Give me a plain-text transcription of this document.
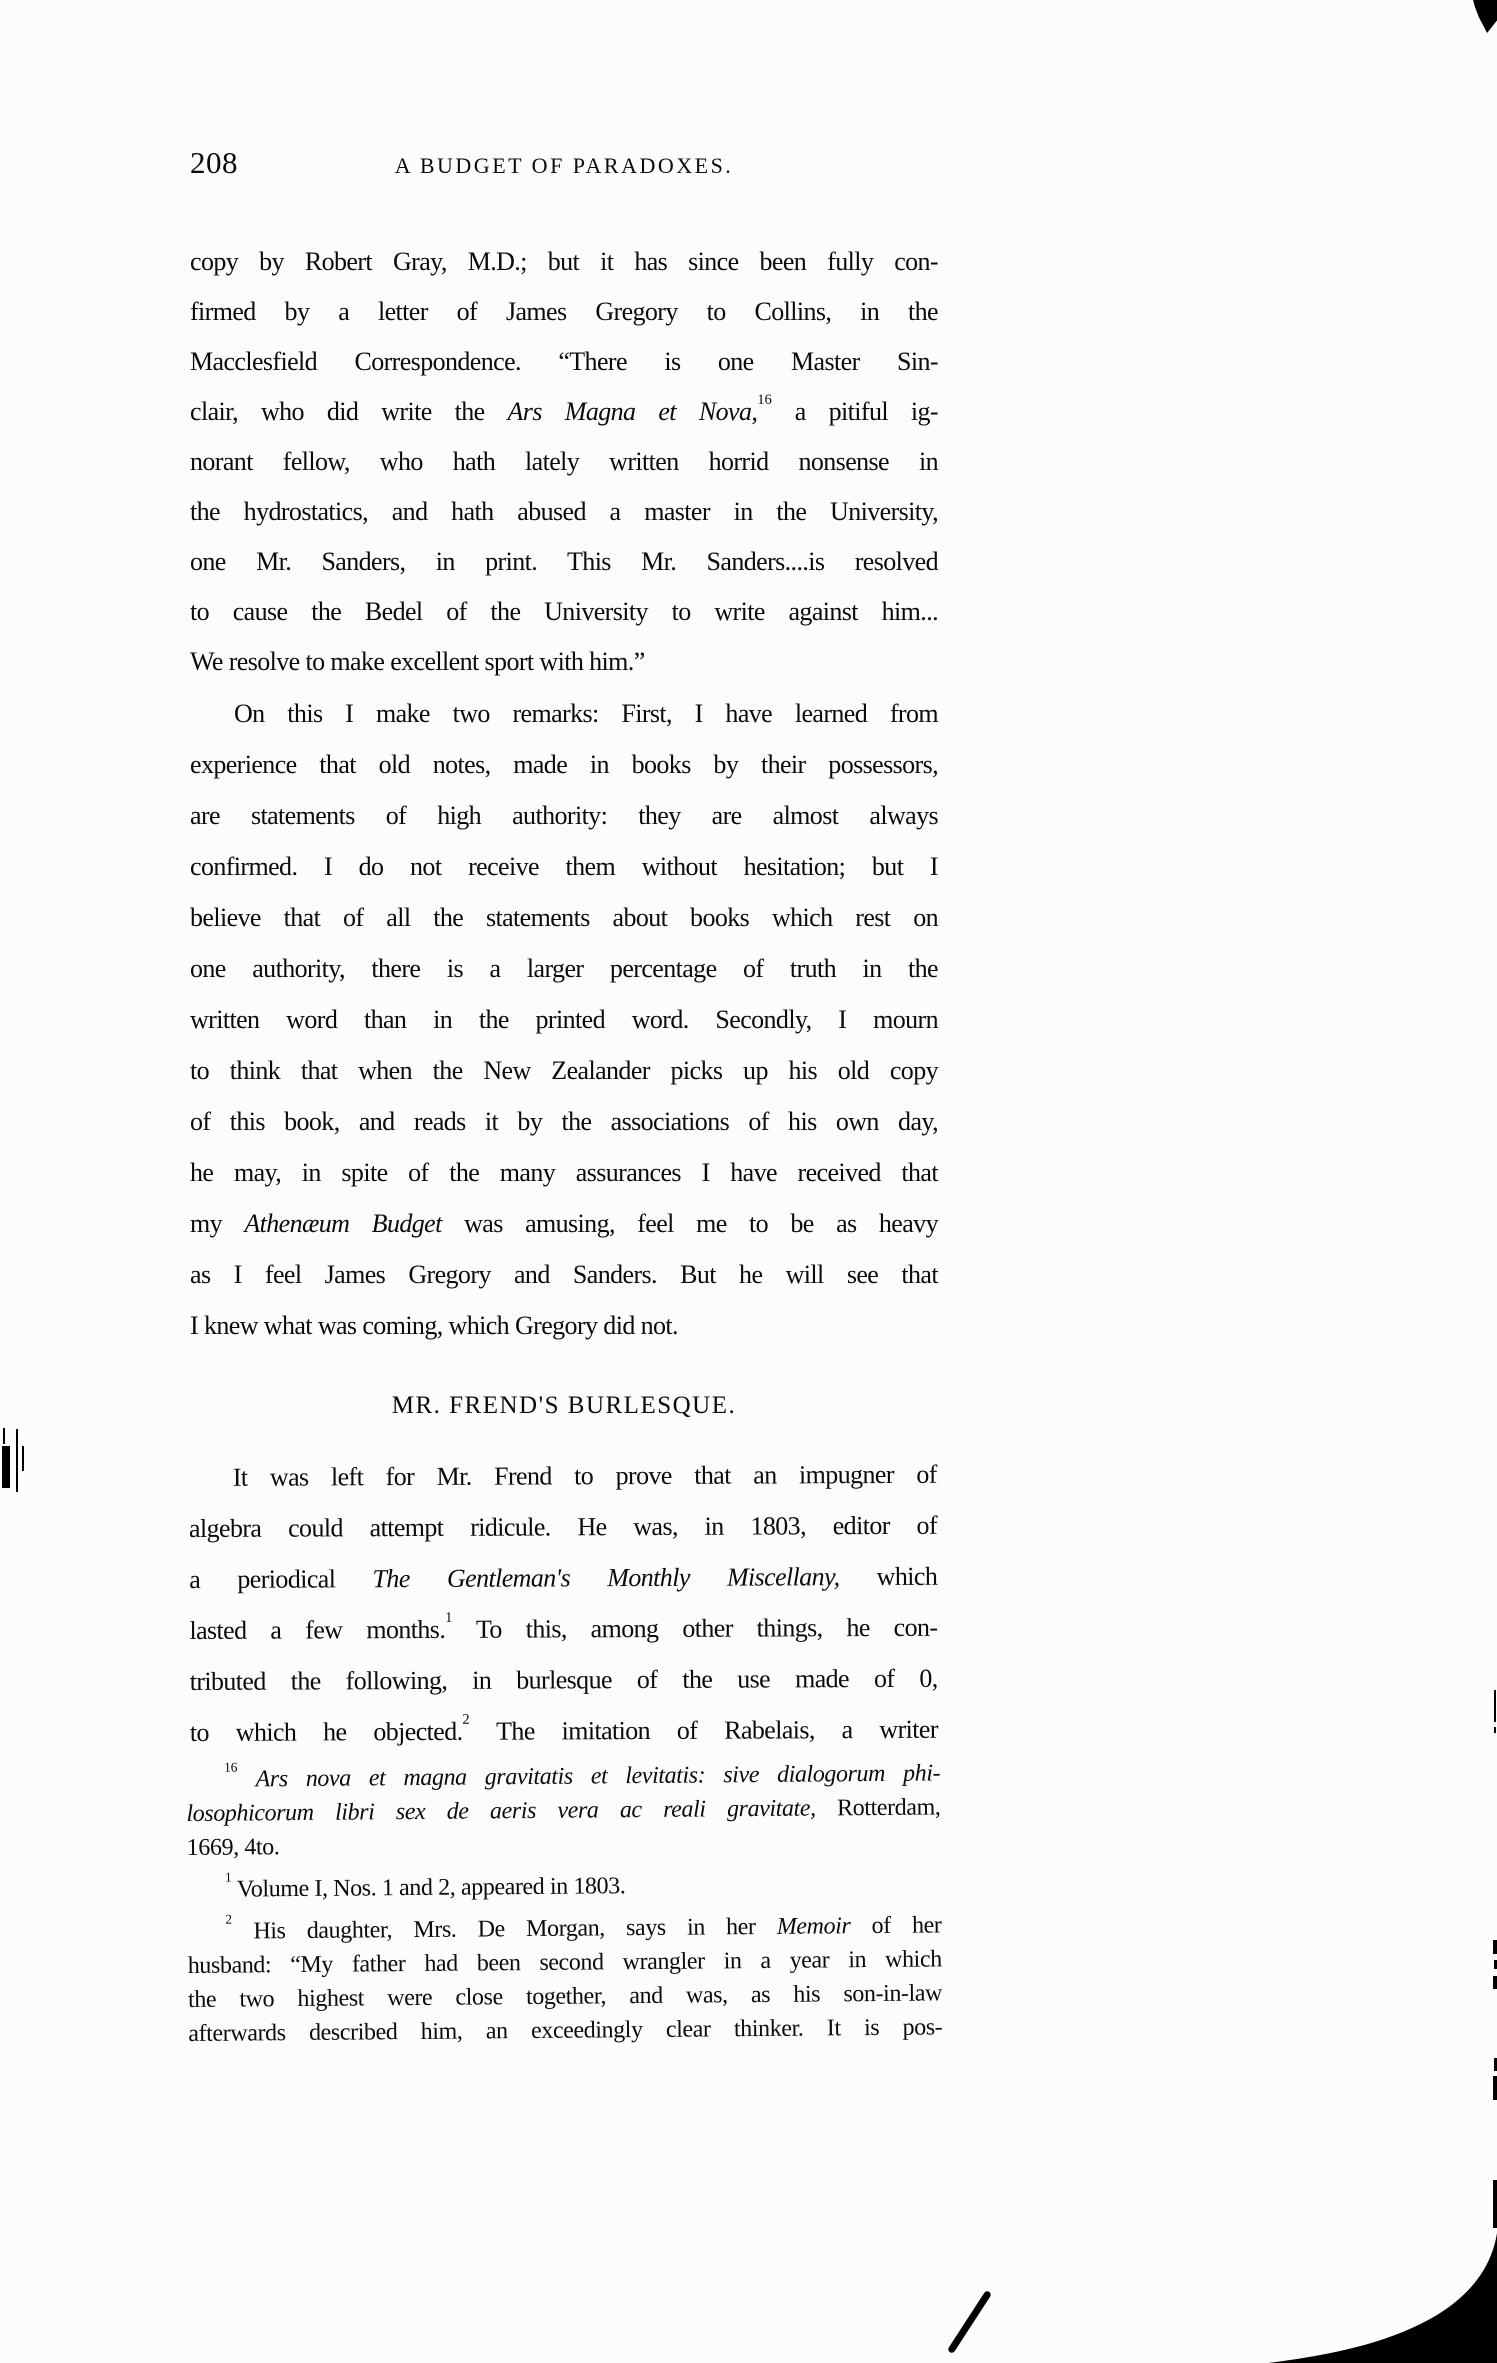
208	A BUDGET OF PARADOXES.
copy by Robert Gray, M.D.; but it has since been fully con-
firmed by a letter of James Gregory to Collins, in the
Macclesfield Correspondence. “There is one Master Sin-
clair, who did write the Ars Magna et Nova,$^{16}$ a pitiful ig-
norant fellow, who hath lately written horrid nonsense in
the hydrostatics, and hath abused a master in the University,
one Mr. Sanders, in print. This Mr. Sanders....is resolved
to cause the Bedel of the University to write against him...
We resolve to make excellent sport with him.”
On this I make two remarks: First, I have learned from
experience that old notes, made in books by their possessors,
are statements of high authority: they are almost always
confirmed. I do not receive them without hesitation; but I
believe that of all the statements about books which rest on
one authority, there is a larger percentage of truth in the
written word than in the printed word. Secondly, I mourn
to think that when the New Zealander picks up his old copy
of this book, and reads it by the associations of his own day,
he may, in spite of the many assurances I have received that
my Athenæum Budget was amusing, feel me to be as heavy
as I feel James Gregory and Sanders. But he will see that
I knew what was coming, which Gregory did not.
MR. FREND'S BURLESQUE.
It was left for Mr. Frend to prove that an impugner of
algebra could attempt ridicule. He was, in 1803, editor of
a periodical The Gentleman's Monthly Miscellany, which
lasted a few months.$^1$ To this, among other things, he con-
tributed the following, in burlesque of the use made of 0,
to which he objected.$^2$ The imitation of Rabelais, a writer
$^{16}$ Ars nova et magna gravitatis et levitatis: sive dialogorum phi-
losophicorum libri sex de aeris vera ac reali gravitate, Rotterdam,
1669, 4to.
$^1$ Volume I, Nos. 1 and 2, appeared in 1803.
$^2$ His daughter, Mrs. De Morgan, says in her Memoir of her
husband: “My father had been second wrangler in a year in which
the two highest were close together, and was, as his son-in-law
afterwards described him, an exceedingly clear thinker. It is pos-
